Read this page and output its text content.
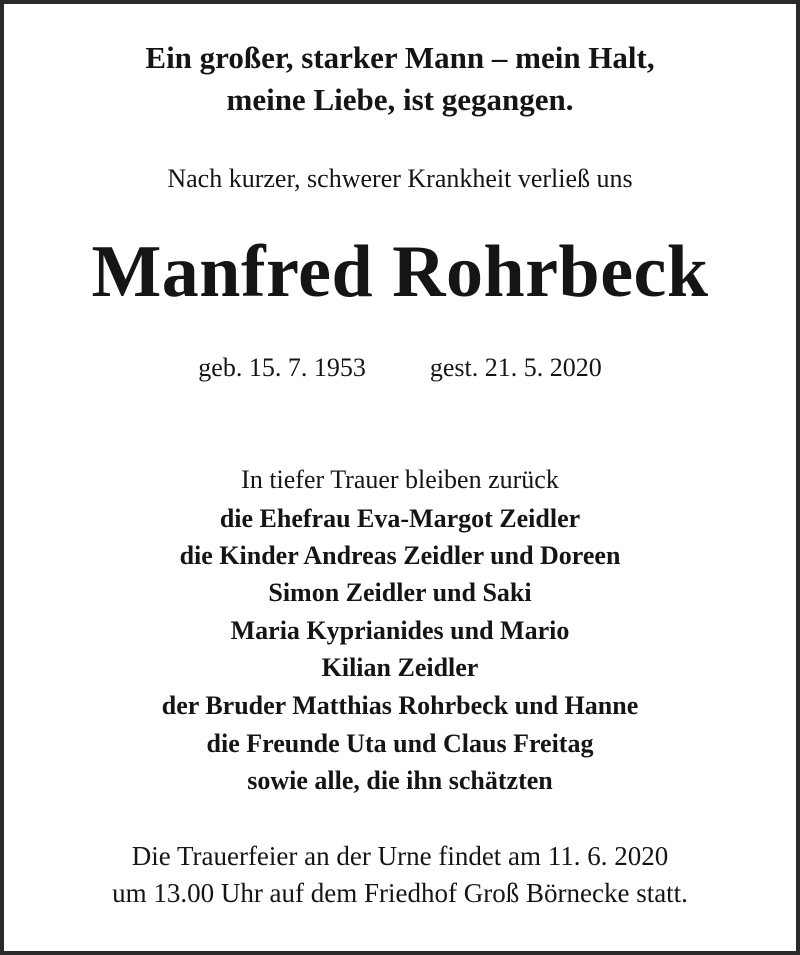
Ein großer, starker Mann – mein Halt,
meine Liebe, ist gegangen.
Nach kurzer, schwerer Krankheit verließ uns
Manfred Rohrbeck
geb. 15. 7. 1953 gest. 21. 5. 2020
In tiefer Trauer bleiben zurück
die Ehefrau Eva-Margot Zeidler
die Kinder Andreas Zeidler und Doreen
Simon Zeidler und Saki
Maria Kyprianides und Mario
Kilian Zeidler
der Bruder Matthias Rohrbeck und Hanne
die Freunde Uta und Claus Freitag
sowie alle, die ihn schätzten
Die Trauerfeier an der Urne findet am 11. 6. 2020
um 13.00 Uhr auf dem Friedhof Groß Börnecke statt.
